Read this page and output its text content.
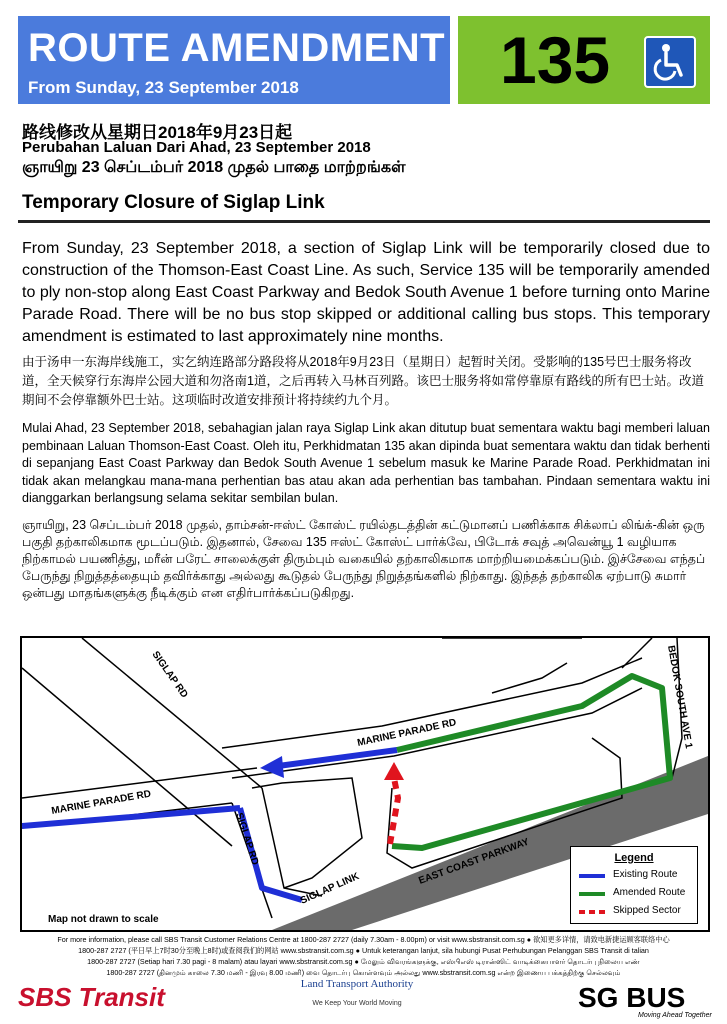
ROUTE AMENDMENT
From Sunday, 23 September 2018	135
路线修改从星期日2018年9月23日起
Perubahan Laluan Dari Ahad, 23 September 2018
ஞாயிறு 23 செப்டம்பர் 2018 முதல் பாதை மாற்றங்கள்
Temporary Closure of Siglap Link
From Sunday, 23 September 2018, a section of Siglap Link will be temporarily closed due to construction of the Thomson-East Coast Line. As such, Service 135 will be temporarily amended to ply non-stop along East Coast Parkway and Bedok South Avenue 1 before turning onto Marine Parade Road. There will be no bus stop skipped or additional calling bus stops. This temporary amendment is estimated to last approximately nine months.
由于汤申一东海岸线施工，实乞纳连路部分路段将从2018年9月23日（星期日）起暂时关闭。受影响的135号巴士服务将改道，全天候穿行东海岸公园大道和勿洛南1道，之后再转入马林百列路。该巴士服务将如常停靠原有路线的所有巴士站。改道期间不会停靠额外巴士站。这项临时改道安排预计将持续约九个月。
Mulai Ahad, 23 September 2018, sebahagian jalan raya Siglap Link akan ditutup buat sementara waktu bagi memberi laluan pembinaan Laluan Thomson-East Coast. Oleh itu, Perkhidmatan 135 akan dipinda buat sementara waktu dan tidak berhenti di sepanjang East Coast Parkway dan Bedok South Avenue 1 sebelum masuk ke Marine Parade Road. Perkhidmatan ini tidak akan melangkau mana-mana perhentian bas atau akan ada perhentian bas tambahan. Pindaan sementara waktu ini dianggarkan berlangsung selama sekitar sembilan bulan.
ஞாயிறு, 23 செப்டம்பர் 2018 முதல், தாம்சன்-ஈஸ்ட் கோஸ்ட் ரயில்தடத்தின் கட்டுமானப் பணிக்காக சிக்லாப் லிங்க்-கின் ஒரு பகுதி தற்காலிகமாக மூடப்படும். இதனால், சேவை 135 ஈஸ்ட் கோஸ்ட் பார்க்வே, பிடோக் சவுத் அவென்யூ 1 வழியாக நிற்காமல் பயணித்து, மரீன் பரேட் சாலைக்குள் திரும்பும் வகையில் தற்காலிகமாக மாற்றியமைக்கப்படும். இச்சேவை எந்தப் பேருந்து நிறுத்தத்தையும் தவிர்க்காது அல்லது கூடுதல் பேருந்து நிறுத்தங்களில் நிற்காது. இந்தத் தற்காலிக ஏற்பாடு சுமார் ஒன்பது மாதங்களுக்கு நீடிக்கும் என எதிர்பார்க்கப்படுகிறது.
SIGLAP RD
MARINE PARADE RD
MARINE PARADE RD
SIGLAP RD
SIGLAP LINK
EAST COAST PARKWAY
BEDOK SOUTH AVE 1
Map not drawn to scale
Legend
Existing Route
Amended Route
Skipped Sector
For more information, please call SBS Transit Customer Relations Centre at 1800-287 2727 (daily 7.30am - 8.00pm) or visit www.sbstransit.com.sg ● 欲知更多详情，请致电新捷运顾客联络中心
1800-287 2727 (平日早上7时30分至晚上8时)或查阅我们的网站 www.sbstransit.com.sg ● Untuk keterangan lanjut, sila hubungi Pusat Perhubungan Pelanggan SBS Transit di talian
1800-287 2727 (Setiap hari 7.30 pagi - 8 malam) atau layari www.sbstransit.com.sg ● மேலும் விவரங்களுக்கு, எஸ்பிஎஸ் டிரான்ஸிட் வாடிக்கையாளர் தொடர்பு நிலைய எண்
1800-287 2727 (தினமும் காலை 7.30 மணி - இரவு 8.00 மணி) வை தொடர்பு கொள்ளவும் அல்லது www.sbstransit.com.sg என்ற இணைய பக்கத்திற்கு செல்லவும்
SBS Transit	Land Transport Authority
We Keep Your World Moving	SG BUS
Moving Ahead Together
